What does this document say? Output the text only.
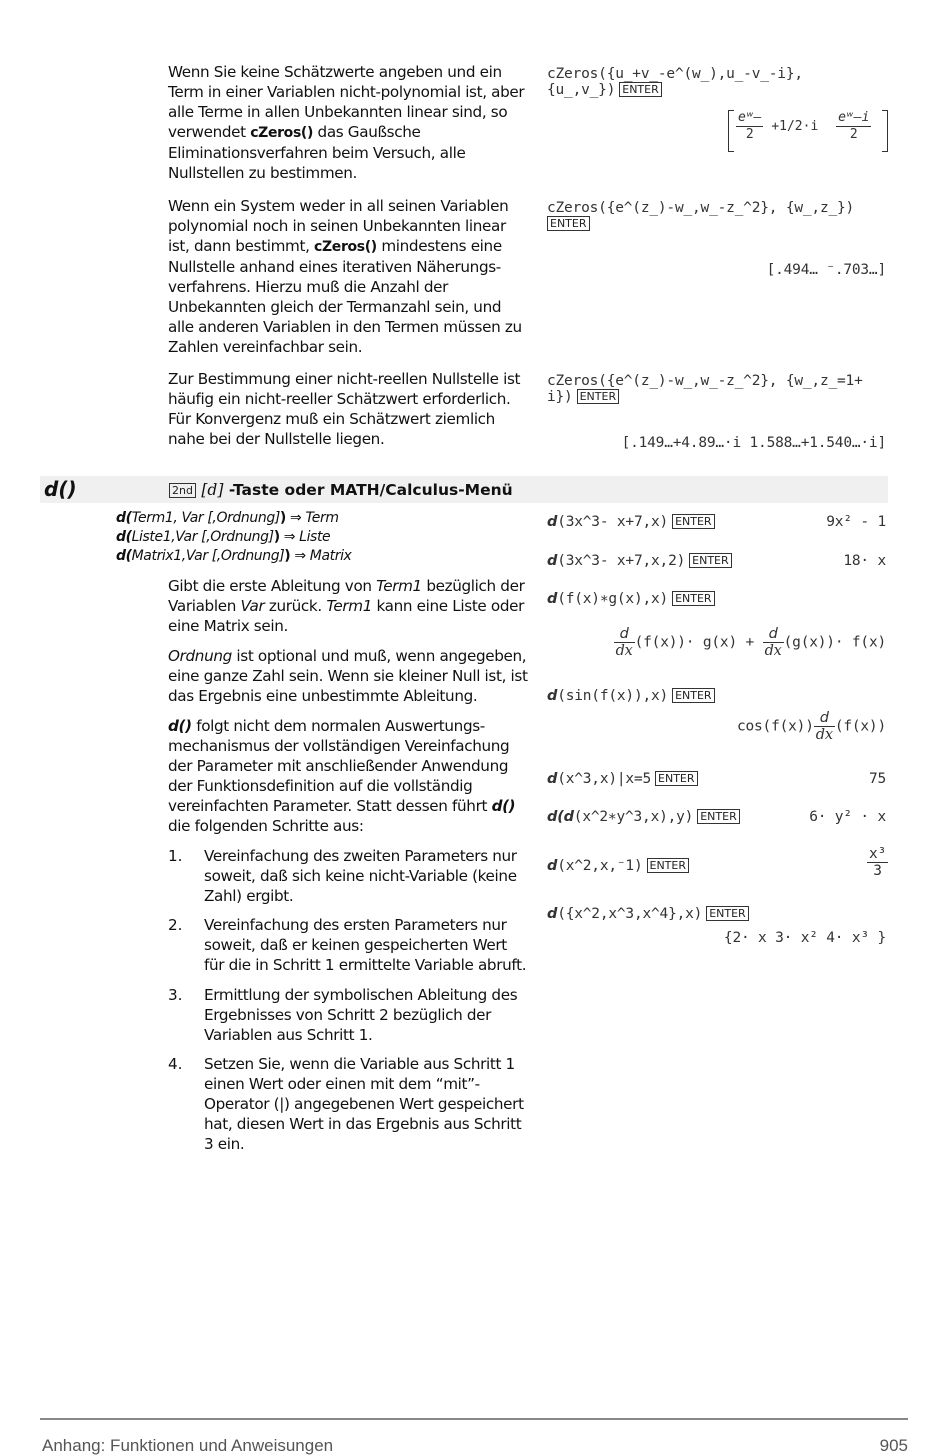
Wenn Sie keine Schätzwerte angeben und ein Term in einer Variablen nicht-polynomial ist, aber alle Terme in allen Unbekannten linear sind, so verwendet cZeros() das Gaußsche Eliminationsverfahren beim Versuch, alle Nullstellen zu bestimmen.
cZeros({u_+v_-e^(w_),u_-v_-i},
{u_,v_}) ENTER
$\frac{\text{eʷ–}}{2} +1/2\cdot i \frac{\text{eʷ–i}}{2}$
Wenn ein System weder in all seinen Variablen polynomial noch in seinen Unbekannten linear ist, dann bestimmt, cZeros() mindestens eine Nullstelle anhand eines iterativen Näherungs-verfahrens. Hierzu muß die Anzahl der Unbekannten gleich der Termanzahl sein, und alle anderen Variablen in den Termen müssen zu Zahlen vereinfachbar sein.
cZeros({e^(z_)-w_,w_-z_^2}, {w_,z_})
ENTER
[.494… ⁻.703…]
Zur Bestimmung einer nicht-reellen Nullstelle ist häufig ein nicht-reeller Schätzwert erforderlich. Für Konvergenz muß ein Schätzwert ziemlich nahe bei der Nullstelle liegen.
cZeros({e^(z_)-w_,w_-z_^2}, {w_,z_=1+
i}) ENTER
[.149…+4.89…·i 1.588…+1.540…·i]
d()	2nd [d] -Taste oder MATH/Calculus-Menü
d(Term1, Var [,Ordnung]) ⇒ Term
d(Liste1,Var [,Ordnung]) ⇒ Liste
d(Matrix1,Var [,Ordnung]) ⇒ Matrix
Gibt die erste Ableitung von Term1 bezüglich der Variablen Var zurück. Term1 kann eine Liste oder eine Matrix sein.
Ordnung ist optional und muß, wenn angegeben, eine ganze Zahl sein. Wenn sie kleiner Null ist, ist das Ergebnis eine unbestimmte Ableitung.
d() folgt nicht dem normalen Auswertungs-mechanismus der vollständigen Vereinfachung der Parameter mit anschließender Anwendung der Funktionsdefinition auf die vollständig vereinfachten Parameter. Statt dessen führt d() die folgenden Schritte aus:
1. Vereinfachung des zweiten Parameters nur soweit, daß sich keine nicht-Variable (keine Zahl) ergibt.
2. Vereinfachung des ersten Parameters nur soweit, daß er keinen gespeicherten Wert für die in Schritt 1 ermittelte Variable abruft.
3. Ermittlung der symbolischen Ableitung des Ergebnisses von Schritt 2 bezüglich der Variablen aus Schritt 1.
4. Setzen Sie, wenn die Variable aus Schritt 1 einen Wert oder einen mit dem “mit”-Operator (|) angegebenen Wert gespeichert hat, diesen Wert in das Ergebnis aus Schritt 3 ein.
d(3x^3- x+7,x) ENTER	9x² - 1
d(3x^3- x+7,x,2) ENTER	18· x
d(f(x)∗g(x),x) ENTER
$\frac{d}{dx} (f(x))\cdot g(x) + \frac{d}{dx} (g(x))\cdot f(x)$
d(sin(f(x)),x) ENTER
$\cos(f(x)) \frac{d}{dx} (f(x))$
d(x^3,x)|x=5 ENTER	75
d(d(x^2∗y^3,x),y) ENTER	6· y² · x
d(x^2,x,⁻1) ENTER	$\frac{\text{x³}}{3}$
d({x^2,x^3,x^4},x) ENTER
{2· x 3· x² 4· x³ }
Anhang: Funktionen und Anweisungen	905
